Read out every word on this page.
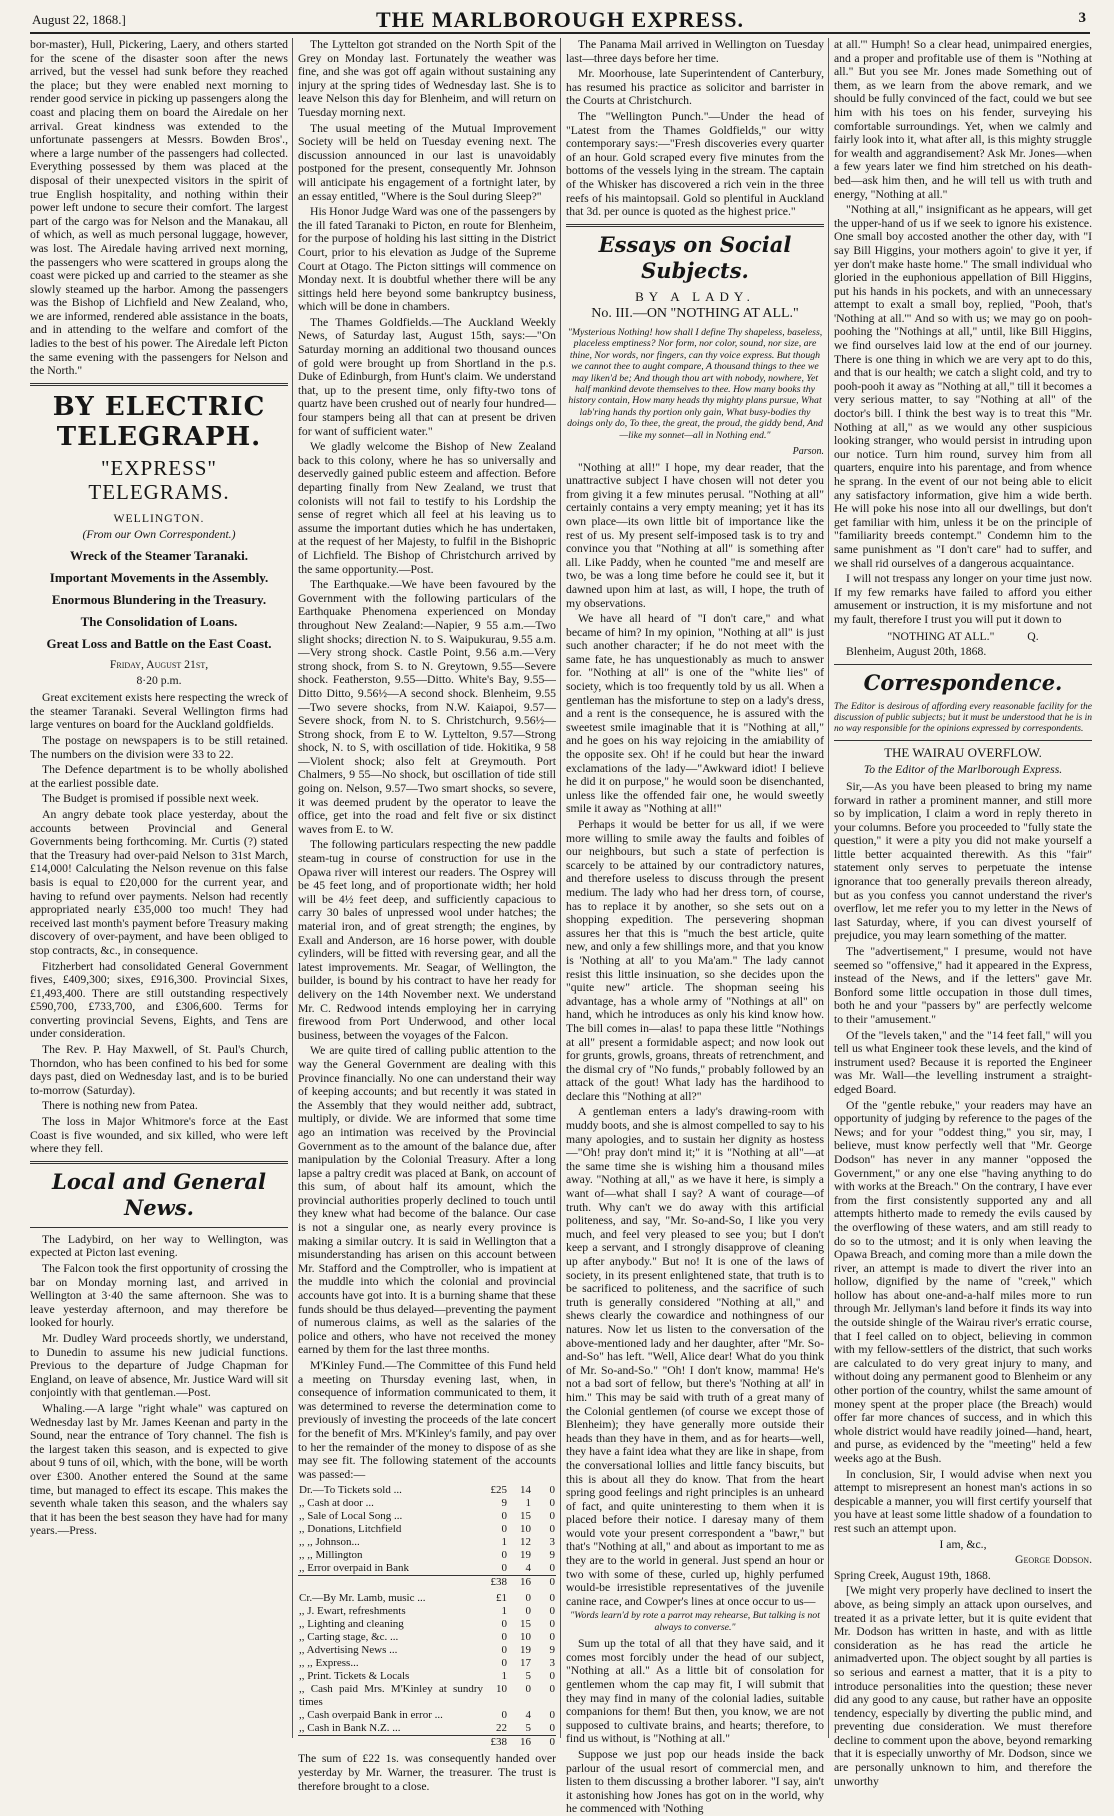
August 22, 1868.]	THE MARLBOROUGH EXPRESS.	3

bor-master), Hull, Pickering, Laery, and others started for the scene of the disaster soon after the news arrived, but the vessel had sunk before they reached the place; but they were enabled next morning to render good service in picking up passengers along the coast and placing them on board the Airedale on her arrival. Great kindness was extended to the unfortunate passengers at Messrs. Bowden Bros'., where a large number of the passengers had collected. Everything possessed by them was placed at the disposal of their unexpected visitors in the spirit of true English hospitality, and nothing within their power left undone to secure their comfort. The largest part of the cargo was for Nelson and the Manakau, all of which, as well as much personal luggage, however, was lost. The Airedale having arrived next morning, the passengers who were scattered in groups along the coast were picked up and carried to the steamer as she slowly steamed up the harbor. Among the passengers was the Bishop of Lichfield and New Zealand, who, we are informed, rendered able assistance in the boats, and in attending to the welfare and comfort of the ladies to the best of his power. The Airedale left Picton the same evening with the passengers for Nelson and the North."

BY ELECTRIC TELEGRAPH.
"EXPRESS" TELEGRAMS.

WELLINGTON.

(From our Own Correspondent.)

Wreck of the Steamer Taranaki.

Important Movements in the Assembly.

Enormous Blundering in the Treasury.

The Consolidation of Loans.

Great Loss and Battle on the East Coast.

Friday, August 21st,

8·20 p.m.

Great excitement exists here respecting the wreck of the steamer Taranaki. Several Wellington firms had large ventures on board for the Auckland goldfields.

The postage on newspapers is to be still retained. The numbers on the division were 33 to 22.

The Defence department is to be wholly abolished at the earliest possible date.

The Budget is promised if possible next week.

An angry debate took place yesterday, about the accounts between Provincial and General Governments being forthcoming. Mr. Curtis (?) stated that the Treasury had over-paid Nelson to 31st March, £14,000! Calculating the Nelson revenue on this false basis is equal to £20,000 for the current year, and having to refund over payments. Nelson had recently appropriated nearly £35,000 too much! They had received last month's payment before Treasury making discovery of over-payment, and have been obliged to stop contracts, &c., in consequence.

Fitzherbert had consolidated General Government fives, £409,300; sixes, £916,300. Provincial Sixes, £1,493,400. There are still outstanding respectively £590,700, £733,700, and £306,600. Terms for converting provincial Sevens, Eights, and Tens are under consideration.

The Rev. P. Hay Maxwell, of St. Paul's Church, Thorndon, who has been confined to his bed for some days past, died on Wednesday last, and is to be buried to-morrow (Saturday).

There is nothing new from Patea.

The loss in Major Whitmore's force at the East Coast is five wounded, and six killed, who were left where they fell.

Local and General News.

The Ladybird, on her way to Wellington, was expected at Picton last evening.

The Falcon took the first opportunity of crossing the bar on Monday morning last, and arrived in Wellington at 3·40 the same afternoon. She was to leave yesterday afternoon, and may therefore be looked for hourly.

Mr. Dudley Ward proceeds shortly, we understand, to Dunedin to assume his new judicial functions. Previous to the departure of Judge Chapman for England, on leave of absence, Mr. Justice Ward will sit conjointly with that gentleman.—Post.

Whaling.—A large "right whale" was captured on Wednesday last by Mr. James Keenan and party in the Sound, near the entrance of Tory channel. The fish is the largest taken this season, and is expected to give about 9 tuns of oil, which, with the bone, will be worth over £300. Another entered the Sound at the same time, but managed to effect its escape. This makes the seventh whale taken this season, and the whalers say that it has been the best season they have had for many years.—Press.

The Lyttelton got stranded on the North Spit of the Grey on Monday last. Fortunately the weather was fine, and she was got off again without sustaining any injury at the spring tides of Wednesday last. She is to leave Nelson this day for Blenheim, and will return on Tuesday morning next.

The usual meeting of the Mutual Improvement Society will be held on Tuesday evening next. The discussion announced in our last is unavoidably postponed for the present, consequently Mr. Johnson will anticipate his engagement of a fortnight later, by an essay entitled, "Where is the Soul during Sleep?"

His Honor Judge Ward was one of the passengers by the ill fated Taranaki to Picton, en route for Blenheim, for the purpose of holding his last sitting in the District Court, prior to his elevation as Judge of the Supreme Court at Otago. The Picton sittings will commence on Monday next. It is doubtful whether there will be any sittings held here beyond some bankruptcy business, which will be done in chambers.

The Thames Goldfields.—The Auckland Weekly News, of Saturday last, August 15th, says:—"On Saturday morning an additional two thousand ounces of gold were brought up from Shortland in the p.s. Duke of Edinburgh, from Hunt's claim. We understand that, up to the present time, only fifty-two tons of quartz have been crushed out of nearly four hundred—four stampers being all that can at present be driven for want of sufficient water."

We gladly welcome the Bishop of New Zealand back to this colony, where he has so universally and deservedly gained public esteem and affection. Before departing finally from New Zealand, we trust that colonists will not fail to testify to his Lordship the sense of regret which all feel at his leaving us to assume the important duties which he has undertaken, at the request of her Majesty, to fulfil in the Bishopric of Lichfield. The Bishop of Christchurch arrived by the same opportunity.—Post.

The Earthquake.—We have been favoured by the Government with the following particulars of the Earthquake Phenomena experienced on Monday throughout New Zealand:—Napier, 9 55 a.m.—Two slight shocks; direction N. to S. Waipukurau, 9.55 a.m.—Very strong shock. Castle Point, 9.56 a.m.—Very strong shock, from S. to N. Greytown, 9.55—Severe shock. Featherston, 9.55—Ditto. White's Bay, 9.55—Ditto Ditto, 9.56½—A second shock. Blenheim, 9.55—Two severe shocks, from N.W. Kaiapoi, 9.57—Severe shock, from N. to S. Christchurch, 9.56½—Strong shock, from E to W. Lyttelton, 9.57—Strong shock, N. to S, with oscillation of tide. Hokitika, 9 58—Violent shock; also felt at Greymouth. Port Chalmers, 9 55—No shock, but oscillation of tide still going on. Nelson, 9.57—Two smart shocks, so severe, it was deemed prudent by the operator to leave the office, get into the road and felt five or six distinct waves from E. to W.

The following particulars respecting the new paddle steam-tug in course of construction for use in the Opawa river will interest our readers. The Osprey will be 45 feet long, and of proportionate width; her hold will be 4½ feet deep, and sufficiently capacious to carry 30 bales of unpressed wool under hatches; the material iron, and of great strength; the engines, by Exall and Anderson, are 16 horse power, with double cylinders, will be fitted with reversing gear, and all the latest improvements. Mr. Seagar, of Wellington, the builder, is bound by his contract to have her ready for delivery on the 14th November next. We understand Mr. C. Redwood intends employing her in carrying firewood from Port Underwood, and other local business, between the voyages of the Falcon.

We are quite tired of calling public attention to the way the General Government are dealing with this Province financially. No one can understand their way of keeping accounts; and but recently it was stated in the Assembly that they would neither add, subtract, multiply, or divide. We are informed that some time ago an intimation was received by the Provincial Government as to the amount of the balance due, after manipulation by the Colonial Treasury. After a long lapse a paltry credit was placed at Bank, on account of this sum, of about half its amount, which the provincial authorities properly declined to touch until they knew what had become of the balance. Our case is not a singular one, as nearly every province is making a similar outcry. It is said in Wellington that a misunderstanding has arisen on this account between Mr. Stafford and the Comptroller, who is impatient at the muddle into which the colonial and provincial accounts have got into. It is a burning shame that these funds should be thus delayed—preventing the payment of numerous claims, as well as the salaries of the police and others, who have not received the money earned by them for the last three months.

M'Kinley Fund.—The Committee of this Fund held a meeting on Thursday evening last, when, in consequence of information communicated to them, it was determined to reverse the determination come to previously of investing the proceeds of the late concert for the benefit of Mrs. M'Kinley's family, and pay over to her the remainder of the money to dispose of as she may see fit. The following statement of the accounts was passed:—

Dr.—To Tickets sold ...	£25	14	0
,, Cash at door ...	9	1	0
,, Sale of Local Song ...	0	15	0
,, Donations, Litchfield	0	10	0
,, ,, Johnson...	1	12	3
,, ,, Millington	0	19	9
,, Error overpaid in Bank	0	4	0
	£38	16	0
Cr.—By Mr. Lamb, music ...	£1	0	0
,, J. Ewart, refreshments	1	0	0
,, Lighting and cleaning	0	15	0
,, Carting stage, &c. ...	0	10	0
,, Advertising News ...	0	19	9
,, ,, Express...	0	17	3
,, Print. Tickets & Locals	1	5	0
,, Cash paid Mrs. M'Kinley at sundry times	10	0	0
,, Cash overpaid Bank in error ...	0	4	0
,, Cash in Bank N.Z. ...	22	5	0
	£38	16	0

The sum of £22 1s. was consequently handed over yesterday by Mr. Warner, the treasurer. The trust is therefore brought to a close.

The Panama Mail arrived in Wellington on Tuesday last—three days before her time.

Mr. Moorhouse, late Superintendent of Canterbury, has resumed his practice as solicitor and barrister in the Courts at Christchurch.

The "Wellington Punch."—Under the head of "Latest from the Thames Goldfields," our witty contemporary says:—"Fresh discoveries every quarter of an hour. Gold scraped every five minutes from the bottoms of the vessels lying in the stream. The captain of the Whisker has discovered a rich vein in the three reefs of his maintopsail. Gold so plentiful in Auckland that 3d. per ounce is quoted as the highest price."

Essays on Social Subjects.

BY A LADY.

No. III.—ON "NOTHING AT ALL."

"Mysterious Nothing! how shall I define Thy shapeless, baseless, placeless emptiness? Nor form, nor color, sound, nor size, are thine, Nor words, nor fingers, can thy voice express. But though we cannot thee to aught compare, A thousand things to thee we may liken'd be; And though thou art with nobody, nowhere, Yet half mankind devote themselves to thee. How many books thy history contain, How many heads thy mighty plans pursue, What lab'ring hands thy portion only gain, What busy-bodies thy doings only do, To thee, the great, the proud, the giddy bend, And—like my sonnet—all in Nothing end."

Parson.

"Nothing at all!" I hope, my dear reader, that the unattractive subject I have chosen will not deter you from giving it a few minutes perusal. "Nothing at all" certainly contains a very empty meaning; yet it has its own place—its own little bit of importance like the rest of us. My present self-imposed task is to try and convince you that "Nothing at all" is something after all. Like Paddy, when he counted "me and meself are two, be was a long time before he could see it, but it dawned upon him at last, as will, I hope, the truth of my observations.

We have all heard of "I don't care," and what became of him? In my opinion, "Nothing at all" is just such another character; if he do not meet with the same fate, he has unquestionably as much to answer for. "Nothing at all" is one of the "white lies" of society, which is too frequently told by us all. When a gentleman has the misfortune to step on a lady's dress, and a rent is the consequence, he is assured with the sweetest smile imaginable that it is "Nothing at all," and he goes on his way rejoicing in the amiability of the opposite sex. Oh! if he could but hear the inward exclamations of the lady—"Awkward idiot! I believe he did it on purpose," he would soon be disenchanted, unless like the offended fair one, he would sweetly smile it away as "Nothing at all!"

Perhaps it would be better for us all, if we were more willing to smile away the faults and foibles of our neighbours, but such a state of perfection is scarcely to be attained by our contradictory natures, and therefore useless to discuss through the present medium. The lady who had her dress torn, of course, has to replace it by another, so she sets out on a shopping expedition. The persevering shopman assures her that this is "much the best article, quite new, and only a few shillings more, and that you know is 'Nothing at all' to you Ma'am." The lady cannot resist this little insinuation, so she decides upon the "quite new" article. The shopman seeing his advantage, has a whole army of "Nothings at all" on hand, which he introduces as only his kind know how. The bill comes in—alas! to papa these little "Nothings at all" present a formidable aspect; and now look out for grunts, growls, groans, threats of retrenchment, and the dismal cry of "No funds," probably followed by an attack of the gout! What lady has the hardihood to declare this "Nothing at all?"

A gentleman enters a lady's drawing-room with muddy boots, and she is almost compelled to say to his many apologies, and to sustain her dignity as hostess—"Oh! pray don't mind it;" it is "Nothing at all"—at the same time she is wishing him a thousand miles away. "Nothing at all," as we have it here, is simply a want of—what shall I say? A want of courage—of truth. Why can't we do away with this artificial politeness, and say, "Mr. So-and-So, I like you very much, and feel very pleased to see you; but I don't keep a servant, and I strongly disapprove of cleaning up after anybody." But no! It is one of the laws of society, in its present enlightened state, that truth is to be sacrificed to politeness, and the sacrifice of such truth is generally considered "Nothing at all," and shews clearly the cowardice and nothingness of our natures. Now let us listen to the conversation of the above-mentioned lady and her daughter, after "Mr. So-and-So" has left. "Well, Alice dear! What do you think of Mr. So-and-So." "Oh! I don't know, mamma! He's not a bad sort of fellow, but there's 'Nothing at all' in him." This may be said with truth of a great many of the Colonial gentlemen (of course we except those of Blenheim); they have generally more outside their heads than they have in them, and as for hearts—well, they have a faint idea what they are like in shape, from the conversational lollies and little fancy biscuits, but this is about all they do know. That from the heart spring good feelings and right principles is an unheard of fact, and quite uninteresting to them when it is placed before their notice. I daresay many of them would vote your present correspondent a "bawr," but that's "Nothing at all," and about as important to me as they are to the world in general. Just spend an hour or two with some of these, curled up, highly perfumed would-be irresistible representatives of the juvenile canine race, and Cowper's lines at once occur to us—

"Words learn'd by rote a parrot may rehearse, But talking is not always to converse."

Sum up the total of all that they have said, and it comes most forcibly under the head of our subject, "Nothing at all." As a little bit of consolation for gentlemen whom the cap may fit, I will submit that they may find in many of the colonial ladies, suitable companions for them! But then, you know, we are not supposed to cultivate brains, and hearts; therefore, to find us without, is "Nothing at all."

Suppose we just pop our heads inside the back parlour of the usual resort of commercial men, and listen to them discussing a brother laborer. "I say, ain't it astonishing how Jones has got on in the world, why he commenced with 'Nothing

at all.'" Humph! So a clear head, unimpaired energies, and a proper and profitable use of them is "Nothing at all." But you see Mr. Jones made Something out of them, as we learn from the above remark, and we should be fully convinced of the fact, could we but see him with his toes on his fender, surveying his comfortable surroundings. Yet, when we calmly and fairly look into it, what after all, is this mighty struggle for wealth and aggrandisement? Ask Mr. Jones—when a few years later we find him stretched on his death-bed—ask him then, and he will tell us with truth and energy, "Nothing at all."

"Nothing at all," insignificant as he appears, will get the upper-hand of us if we seek to ignore his existence. One small boy accosted another the other day, with "I say Bill Higgins, your mothers agoin' to give it yer, if yer don't make haste home." The small individual who gloried in the euphonious appellation of Bill Higgins, put his hands in his pockets, and with an unnecessary attempt to exalt a small boy, replied, "Pooh, that's 'Nothing at all.'" And so with us; we may go on pooh-poohing the "Nothings at all," until, like Bill Higgins, we find ourselves laid low at the end of our journey. There is one thing in which we are very apt to do this, and that is our health; we catch a slight cold, and try to pooh-pooh it away as "Nothing at all," till it becomes a very serious matter, to say "Nothing at all" of the doctor's bill. I think the best way is to treat this "Mr. Nothing at all," as we would any other suspicious looking stranger, who would persist in intruding upon our notice. Turn him round, survey him from all quarters, enquire into his parentage, and from whence he sprang. In the event of our not being able to elicit any satisfactory information, give him a wide berth. He will poke his nose into all our dwellings, but don't get familiar with him, unless it be on the principle of "familiarity breeds contempt." Condemn him to the same punishment as "I don't care" had to suffer, and we shall rid ourselves of a dangerous acquaintance.

I will not trespass any longer on your time just now. If my few remarks have failed to afford you either amusement or instruction, it is my misfortune and not my fault, therefore I trust you will put it down to

"NOTHING AT ALL."	Q.

Blenheim, August 20th, 1868.

Correspondence.

The Editor is desirous of affording every reasonable facility for the discussion of public subjects; but it must be understood that he is in no way responsible for the opinions expressed by correspondents.

THE WAIRAU OVERFLOW.

To the Editor of the Marlborough Express.

Sir,—As you have been pleased to bring my name forward in rather a prominent manner, and still more so by implication, I claim a word in reply thereto in your columns. Before you proceeded to "fully state the question," it were a pity you did not make yourself a little better acquainted therewith. As this "fair" statement only serves to perpetuate the intense ignorance that too generally prevails thereon already, but as you confess you cannot understand the river's overflow, let me refer you to my letter in the News of last Saturday, where, if you can divest yourself of prejudice, you may learn something of the matter.

The "advertisement," I presume, would not have seemed so "offensive," had it appeared in the Express, instead of the News, and if the letters" gave Mr. Bonford some little occupation in those dull times, both he and your "passers by" are perfectly welcome to their "amusement."

Of the "levels taken," and the "14 feet fall," will you tell us what Engineer took these levels, and the kind of instrument used? Because it is reported the Engineer was Mr. Wall—the levelling instrument a straight-edged Board.

Of the "gentle rebuke," your readers may have an opportunity of judging by reference to the pages of the News; and for your "oddest thing," you sir, may, I believe, must know perfectly well that "Mr. George Dodson" has never in any manner "opposed the Government," or any one else "having anything to do with works at the Breach." On the contrary, I have ever from the first consistently supported any and all attempts hitherto made to remedy the evils caused by the overflowing of these waters, and am still ready to do so to the utmost; and it is only when leaving the Opawa Breach, and coming more than a mile down the river, an attempt is made to divert the river into an hollow, dignified by the name of "creek," which hollow has about one-and-a-half miles more to run through Mr. Jellyman's land before it finds its way into the outside shingle of the Wairau river's erratic course, that I feel called on to object, believing in common with my fellow-settlers of the district, that such works are calculated to do very great injury to many, and without doing any permanent good to Blenheim or any other portion of the country, whilst the same amount of money spent at the proper place (the Breach) would offer far more chances of success, and in which this whole district would have readily joined—hand, heart, and purse, as evidenced by the "meeting" held a few weeks ago at the Bush.

In conclusion, Sir, I would advise when next you attempt to misrepresent an honest man's actions in so despicable a manner, you will first certify yourself that you have at least some little shadow of a foundation to rest such an attempt upon.

I am, &c.,

George Dodson.

Spring Creek, August 19th, 1868.

[We might very properly have declined to insert the above, as being simply an attack upon ourselves, and treated it as a private letter, but it is quite evident that Mr. Dodson has written in haste, and with as little consideration as he has read the article he animadverted upon. The object sought by all parties is so serious and earnest a matter, that it is a pity to introduce personalities into the question; these never did any good to any cause, but rather have an opposite tendency, especially by diverting the public mind, and preventing due consideration. We must therefore decline to comment upon the above, beyond remarking that it is especially unworthy of Mr. Dodson, since we are personally unknown to him, and therefore the unworthy
